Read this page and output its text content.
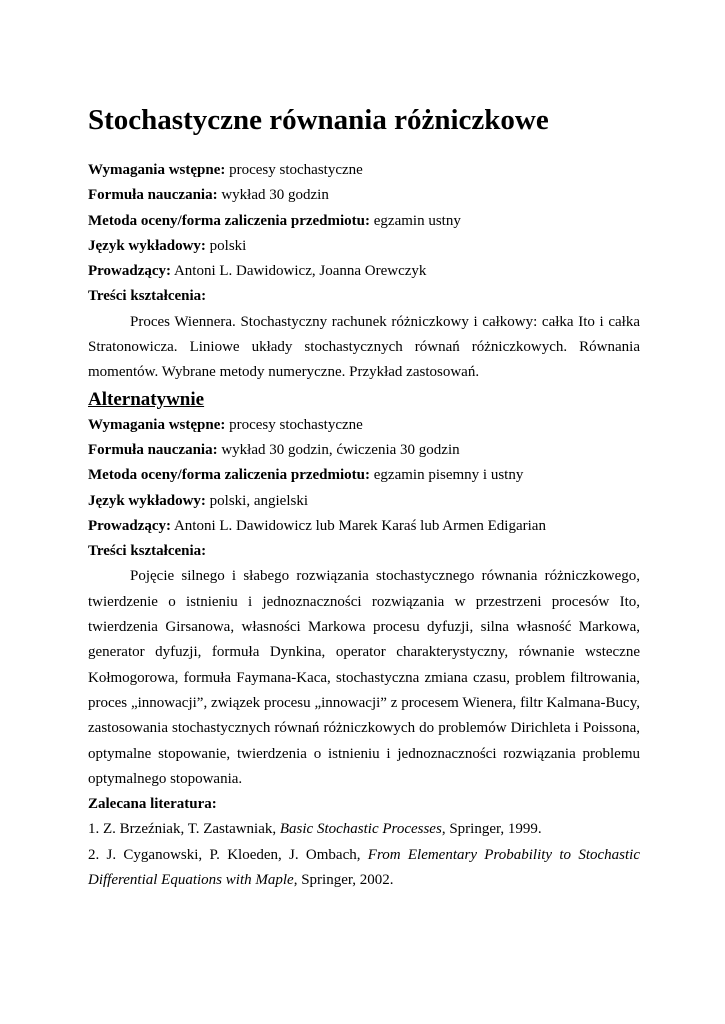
Stochastyczne równania różniczkowe
Wymagania wstępne: procesy stochastyczne
Formuła nauczania: wykład 30 godzin
Metoda oceny/forma zaliczenia przedmiotu: egzamin ustny
Język wykładowy: polski
Prowadzący: Antoni L. Dawidowicz, Joanna Orewczyk
Treści kształcenia:
Proces Wiennera. Stochastyczny rachunek różniczkowy i całkowy: całka Ito i całka Stratonowicza. Liniowe układy stochastycznych równań różniczkowych. Równania momentów. Wybrane metody numeryczne. Przykład zastosowań.
Alternatywnie
Wymagania wstępne: procesy stochastyczne
Formuła nauczania: wykład 30 godzin, ćwiczenia 30 godzin
Metoda oceny/forma zaliczenia przedmiotu: egzamin pisemny i ustny
Język wykładowy: polski, angielski
Prowadzący: Antoni L. Dawidowicz lub Marek Karaś lub Armen Edigarian
Treści kształcenia:
Pojęcie silnego i słabego rozwiązania stochastycznego równania różniczkowego, twierdzenie o istnieniu i jednoznaczności rozwiązania w przestrzeni procesów Ito, twierdzenia Girsanowa, własności Markowa procesu dyfuzji, silna własność Markowa, generator dyfuzji, formuła Dynkina, operator charakterystyczny, równanie wsteczne Kołmogorowa, formuła Faymana-Kaca, stochastyczna zmiana czasu, problem filtrowania, proces „innowacji”, związek procesu „innowacji” z procesem Wienera, filtr Kalmana-Bucy, zastosowania stochastycznych równań różniczkowych do problemów Dirichleta i Poissona, optymalne stopowanie, twierdzenia o istnieniu i jednoznaczności rozwiązania problemu optymalnego stopowania.
Zalecana literatura:
1. Z. Brzeźniak, T. Zastawniak, Basic Stochastic Processes, Springer, 1999.
2. J. Cyganowski, P. Kloeden, J. Ombach, From Elementary Probability to Stochastic Differential Equations with Maple, Springer, 2002.
